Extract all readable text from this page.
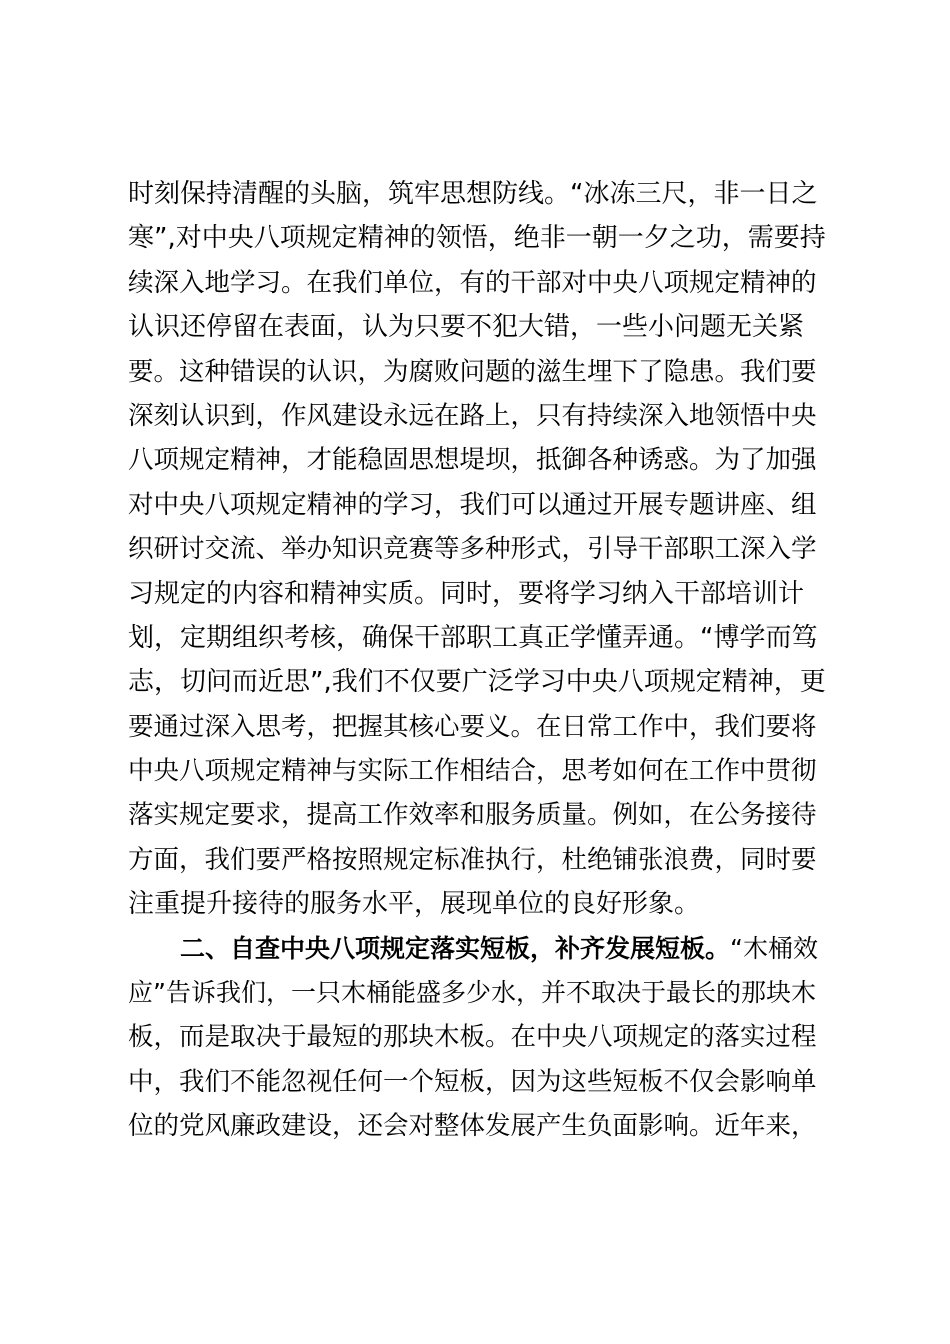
时刻保持清醒的头脑，筑牢思想防线。“冰冻三尺，非一日之
寒”,对中央八项规定精神的领悟，绝非一朝一夕之功，需要持
续深入地学习。在我们单位，有的干部对中央八项规定精神的
认识还停留在表面，认为只要不犯大错，一些小问题无关紧
要。这种错误的认识，为腐败问题的滋生埋下了隐患。我们要
深刻认识到，作风建设永远在路上，只有持续深入地领悟中央
八项规定精神，才能稳固思想堤坝，抵御各种诱惑。为了加强
对中央八项规定精神的学习，我们可以通过开展专题讲座、组
织研讨交流、举办知识竞赛等多种形式，引导干部职工深入学
习规定的内容和精神实质。同时，要将学习纳入干部培训计
划，定期组织考核，确保干部职工真正学懂弄通。“博学而笃
志，切问而近思”,我们不仅要广泛学习中央八项规定精神，更
要通过深入思考，把握其核心要义。在日常工作中，我们要将
中央八项规定精神与实际工作相结合，思考如何在工作中贯彻
落实规定要求，提高工作效率和服务质量。例如，在公务接待
方面，我们要严格按照规定标准执行，杜绝铺张浪费，同时要
注重提升接待的服务水平，展现单位的良好形象。
二、自查中央八项规定落实短板，补齐发展短板。“木桶效
应”告诉我们，一只木桶能盛多少水，并不取决于最长的那块木
板，而是取决于最短的那块木板。在中央八项规定的落实过程
中，我们不能忽视任何一个短板，因为这些短板不仅会影响单
位的党风廉政建设，还会对整体发展产生负面影响。近年来，
